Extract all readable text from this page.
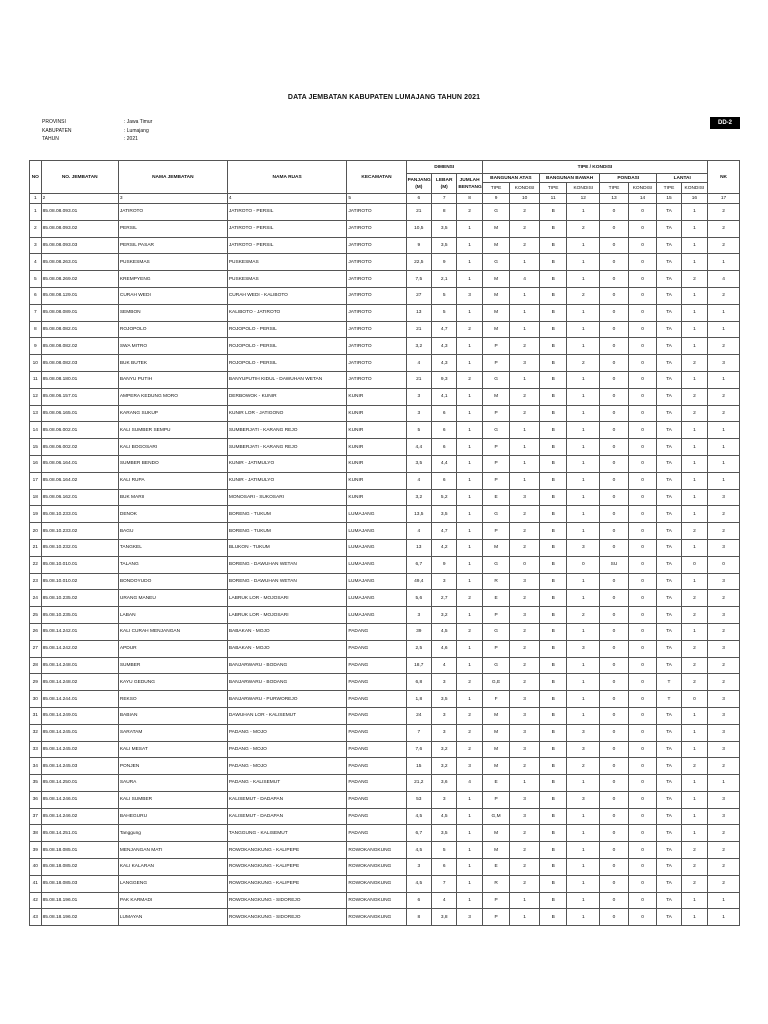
DATA JEMBATAN KABUPATEN LUMAJANG TAHUN 2021
PROVINSI	: Jawa Timur
KABUPATEN	: Lumajang
TAHUN	: 2021
DD-2
NO	NO. JEMBATAN	NAMA JEMBATAN	NAMA RUAS	KECAMATAN	DIMENSI			TIPE / KONDISI								NK
					PANJANG (M)	LEBAR (M)	JUMLAH BENTANG	BANGUNAN ATAS		BANGUNAN BAWAH		PONDASI		LANTAI		
								TIPE	KONDISI	TIPE	KONDISI	TIPE	KONDISI	TIPE	KONDISI	
1	2	3	4	5	6	7	8	9	10	11	12	13	14	15	16	17
1	85.08.08.093.01	JATIROTO	JATIROTO - PERSIL	JATIROTO	21	8	2	G	2	B	1	0	0	TA	1	2
2	85.08.08.093.02	PERSIL	JATIROTO - PERSIL	JATIROTO	10,5	3,5	1	M	2	B	2	0	0	TA	1	2
3	85.08.08.093.03	PERSIL PASAR	JATIROTO - PERSIL	JATIROTO	9	3,5	1	M	2	B	1	0	0	TA	1	2
4	85.08.08.263.01	PUSKESMAS	PUSKESMAS	JATIROTO	22,5	9	1	G	1	B	1	0	0	TA	1	1
5	85.08.08.269.02	KREMPYENG	PUSKESMAS	JATIROTO	7,5	2,1	1	M	4	B	1	0	0	TA	2	4
6	85.08.08.129.01	CURAH WEDI	CURAH WEDI - KALIBOTO	JATIROTO	27	5	3	M	1	B	2	0	0	TA	1	2
7	85.08.08.089.01	SEMBON	KALIBOTO - JATIROTO	JATIROTO	13	5	1	M	1	B	1	0	0	TA	1	1
8	85.08.08.082.01	ROJOPOLO	ROJOPOLO - PERSIL	JATIROTO	21	4,7	2	M	1	B	1	0	0	TA	1	1
9	85.08.08.082.02	SWA MITRO	ROJOPOLO - PERSIL	JATIROTO	3,2	4,3	1	P	2	B	1	0	0	TA	1	2
10	85.08.08.082.03	BUK BUTEK	ROJOPOLO - PERSIL	JATIROTO	4	4,3	1	P	3	B	2	0	0	TA	2	3
11	85.08.08.180.01	BANYU PUTIH	BANYUPUTIH KIDUL - DAWUHAN WETAN	JATIROTO	21	9,3	2	G	1	B	1	0	0	TA	1	1
12	85.08.06.157.01	AMPERA KEDUNG MORO	DERBOWOK - KUNIR	KUNIR	3	4,1	1	M	2	B	1	0	0	TA	2	2
13	85.08.06.165.01	KARANG SUKUP	KUNIR LOR - JATIGONO	KUNIR	3	6	1	P	2	B	1	0	0	TA	2	2
14	85.08.06.002.01	KALI SUMBER SEMPU	SUMBERJATI - KARANG REJO	KUNIR	5	6	1	G	1	B	1	0	0	TA	1	1
15	85.08.06.002.02	KALI BOGOSARI	SUMBERJATI - KARANG REJO	KUNIR	4,4	6	1	P	1	B	1	0	0	TA	1	1
16	85.08.06.164.01	SUMBER BENDO	KUNIR - JATIMULYO	KUNIR	3,5	4,4	1	P	1	B	1	0	0	TA	1	1
17	85.08.06.164.02	KALI RUPA	KUNIR - JATIMULYO	KUNIR	4	6	1	P	1	B	1	0	0	TA	1	1
18	85.08.06.162.01	BUK MARII	MONOSARI - SUKOSARI	KUNIR	3,2	5,2	1	E	3	B	1	0	0	TA	1	3
19	85.08.10.233.01	DENOK	BORENG - TUKUM	LUMAJANG	13,5	3,5	1	G	2	B	1	0	0	TA	1	2
20	85.08.10.233.02	BAGU	BORENG - TUKUM	LUMAJANG	4	4,7	1	P	2	B	1	0	0	TA	2	2
21	85.08.10.232.01	TANGKEL	BLUKON - TUKUM	LUMAJANG	13	4,2	1	M	2	B	3	0	0	TA	1	3
22	85.08.10.010.01	TALANG	BORENG - DAWUHAN WETAN	LUMAJANG	6,7	9	1	G	0	B	0	SU	0	TA	0	0
23	85.08.10.010.02	BONDOYUDO	BORENG - DAWUHAN WETAN	LUMAJANG	49,4	3	1	R	3	B	1	0	0	TA	1	3
24	85.08.10.235.02	URANG MANEU	LABRUK LOR - MOJOSARI	LUMAJANG	5,6	2,7	2	E	2	B	1	0	0	TA	2	2
25	85.08.10.235.01	LABAN	LABRUK LOR - MOJOSARI	LUMAJANG	3	3,2	1	P	3	B	2	0	0	TA	2	3
26	85.08.14.242.01	KALI CURAH MENJANGAN	BABAKAN - MOJO	PADANG	39	4,5	2	G	2	B	1	0	0	TA	1	2
27	85.08.14.242.02	APDUR	BABAKAN - MOJO	PADANG	2,5	4,6	1	P	2	B	3	0	0	TA	2	3
28	85.08.14.248.01	SUMBER	BANJARWARU - BODANG	PADANG	18,7	4	1	G	2	B	1	0	0	TA	2	2
29	85.08.14.248.02	KAYU GEDUNG	BANJARWARU - BODANG	PADANG	6,8	3	2	G,E	2	B	1	0	0	T	2	2
30	85.08.14.244.01	REKSO	BANJARWARU - PURWOREJO	PADANG	1,8	3,5	1	F	3	B	1	0	0	T	0	3
31	85.08.14.249.01	BABIAN	DAWUHAN LOR - KALISEMUT	PADANG	24	3	2	M	3	B	1	0	0	TA	1	3
32	85.08.14.245.01	SARATAM	PADANG - MOJO	PADANG	7	3	2	M	3	B	3	0	0	TA	1	3
33	85.08.14.245.02	KALI MESAT	PADANG - MOJO	PADANG	7,6	3,2	2	M	3	B	3	0	0	TA	1	3
34	85.08.14.245.03	PONJEN	PADANG - MOJO	PADANG	15	3,2	3	M	2	B	2	0	0	TA	2	2
35	85.08.14.250.01	SAURA	PADANG - KALISEMUT	PADANG	21,2	3,6	4	E	1	B	1	0	0	TA	1	1
36	85.08.14.246.01	KALI SUMBER	KALISEMUT - DADAPAN	PADANG	53	3	1	P	3	B	3	0	0	TA	1	3
37	85.08.14.246.02	BAHEGURU	KALISEMUT - DADAPAN	PADANG	4,5	4,5	1	G,M	3	B	1	0	0	TA	1	3
38	85.08.14.251.01	Tanggung	TANGGUNG - KALISEMUT	PADANG	6,7	3,5	1	M	2	B	1	0	0	TA	1	2
39	85.08.18.085.01	MENJANGAN MATI	ROWOKANGKUNG - KALIPEPE	ROWOKANGKUNG	4,5	5	1	M	2	B	1	0	0	TA	2	2
40	85.08.18.085.02	KALI KALARAN	ROWOKANGKUNG - KALIPEPE	ROWOKANGKUNG	3	6	1	E	2	B	1	0	0	TA	2	2
41	85.08.18.085.03	LANGGENG	ROWOKANGKUNG - KALIPEPE	ROWOKANGKUNG	4,5	7	1	R	2	B	1	0	0	TA	2	2
42	85.08.18.196.01	PAK KARMADI	ROWOKANGKUNG - SIDOREJO	ROWOKANGKUNG	6	4	1	P	1	B	1	0	0	TA	1	1
43	85.08.18.196.02	LUMAYAN	ROWOKANGKUNG - SIDOREJO	ROWOKANGKUNG	8	3,8	3	P	1	B	1	0	0	TA	1	1
